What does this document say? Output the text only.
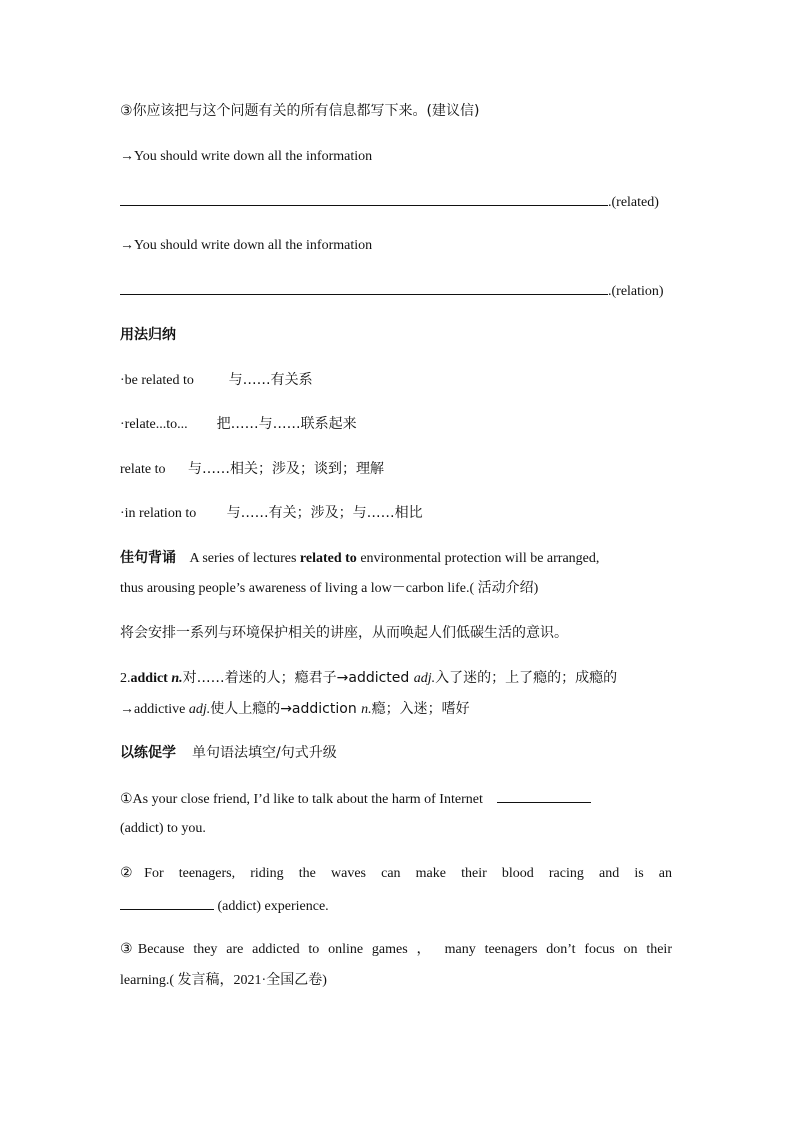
③你应该把与这个问题有关的所有信息都写下来。(建议信)
→You should write down all the information
.(related)
→You should write down all the information
.(relation)
用法归纳
·be related to 与……有关系
·relate...to... 把……与……联系起来
relate to 与……相关；涉及；谈到；理解
·in relation to 与……有关；涉及；与……相比
佳句背诵 A series of lectures related to environmental protection will be arranged,
thus arousing people’s awareness of living a low－carbon life.( 活动介绍)
将会安排一系列与环境保护相关的讲座，从而唤起人们低碳生活的意识。
2.addict n.对……着迷的人；瘾君子→addicted adj.入了迷的；上了瘾的；成瘾的
→addictive adj.使人上瘾的→addiction n.瘾；入迷；嗜好
以练促学 单句语法填空/句式升级
①As your close friend, I’d like to talk about the harm of Internet
(addict) to you.
②For teenagers, riding the waves can make their blood racing and is an
(addict) experience.
③Because they are addicted to online games ， many teenagers don’t focus on their
learning.( 发言稿，2021·全国乙卷)
